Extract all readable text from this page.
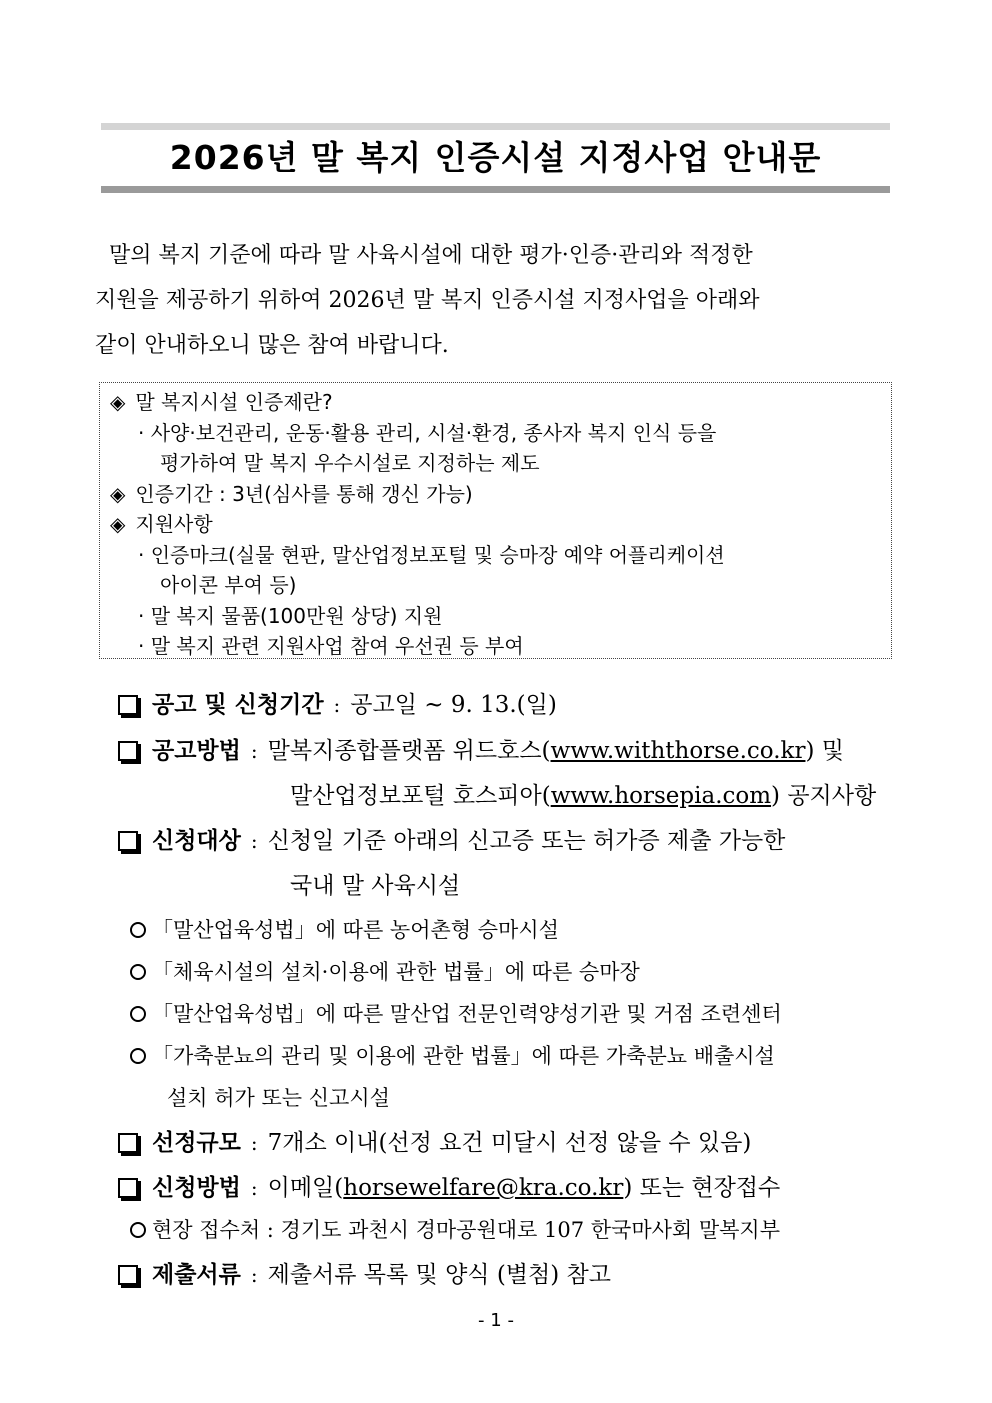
2026년 말 복지 인증시설 지정사업 안내문
말의 복지 기준에 따라 말 사육시설에 대한 평가·인증·관리와 적정한
지원을 제공하기 위하여 2026년 말 복지 인증시설 지정사업을 아래와
같이 안내하오니 많은 참여 바랍니다.
◈ 말 복지시설 인증제란?
· 사양·보건관리, 운동·활용 관리, 시설·환경, 종사자 복지 인식 등을
평가하여 말 복지 우수시설로 지정하는 제도
◈ 인증기간 : 3년(심사를 통해 갱신 가능)
◈ 지원사항
· 인증마크(실물 현판, 말산업정보포털 및 승마장 예약 어플리케이션
아이콘 부여 등)
· 말 복지 물품(100만원 상당) 지원
· 말 복지 관련 지원사업 참여 우선권 등 부여
공고 및 신청기간 : 공고일 ~ 9. 13.(일)
공고방법 : 말복지종합플랫폼 위드호스(www.withthorse.co.kr) 및
말산업정보포털 호스피아(www.horsepia.com) 공지사항
신청대상 : 신청일 기준 아래의 신고증 또는 허가증 제출 가능한
국내 말 사육시설
「말산업육성법」에 따른 농어촌형 승마시설
「체육시설의 설치·이용에 관한 법률」에 따른 승마장
「말산업육성법」에 따른 말산업 전문인력양성기관 및 거점 조련센터
「가축분뇨의 관리 및 이용에 관한 법률」에 따른 가축분뇨 배출시설
설치 허가 또는 신고시설
선정규모 : 7개소 이내(선정 요건 미달시 선정 않을 수 있음)
신청방법 : 이메일(horsewelfare@kra.co.kr) 또는 현장접수
현장 접수처 : 경기도 과천시 경마공원대로 107 한국마사회 말복지부
제출서류 : 제출서류 목록 및 양식 (별첨) 참고
- 1 -
